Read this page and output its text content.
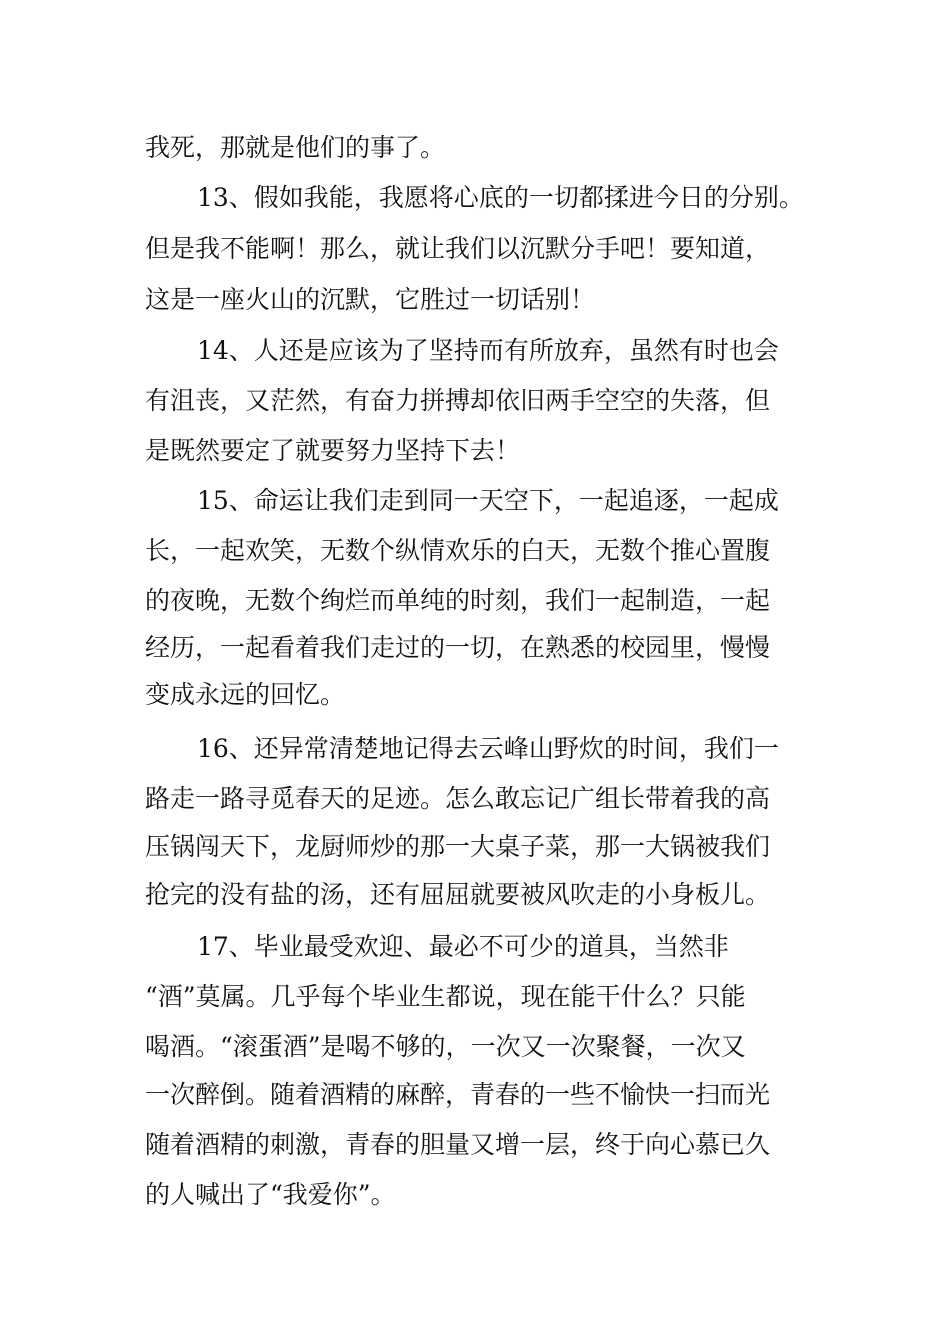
我死，那就是他们的事了。
13、假如我能，我愿将心底的一切都揉进今日的分别。
但是我不能啊！那么，就让我们以沉默分手吧！要知道，
这是一座火山的沉默，它胜过一切话别！
14、人还是应该为了坚持而有所放弃，虽然有时也会
有沮丧，又茫然，有奋力拼搏却依旧两手空空的失落，但
是既然要定了就要努力坚持下去！
15、命运让我们走到同一天空下，一起追逐，一起成
长，一起欢笑，无数个纵情欢乐的白天，无数个推心置腹
的夜晚，无数个绚烂而单纯的时刻，我们一起制造，一起
经历，一起看着我们走过的一切，在熟悉的校园里，慢慢
变成永远的回忆。
16、还异常清楚地记得去云峰山野炊的时间，我们一
路走一路寻觅春天的足迹。怎么敢忘记广组长带着我的高
压锅闯天下，龙厨师炒的那一大桌子菜，那一大锅被我们
抢完的没有盐的汤，还有屈屈就要被风吹走的小身板儿。
17、毕业最受欢迎、最必不可少的道具，当然非
“酒”莫属。几乎每个毕业生都说，现在能干什么？只能
喝酒。“滚蛋酒”是喝不够的，一次又一次聚餐，一次又
一次醉倒。随着酒精的麻醉，青春的一些不愉快一扫而光
随着酒精的刺激，青春的胆量又增一层，终于向心慕已久
的人喊出了“我爱你”。
